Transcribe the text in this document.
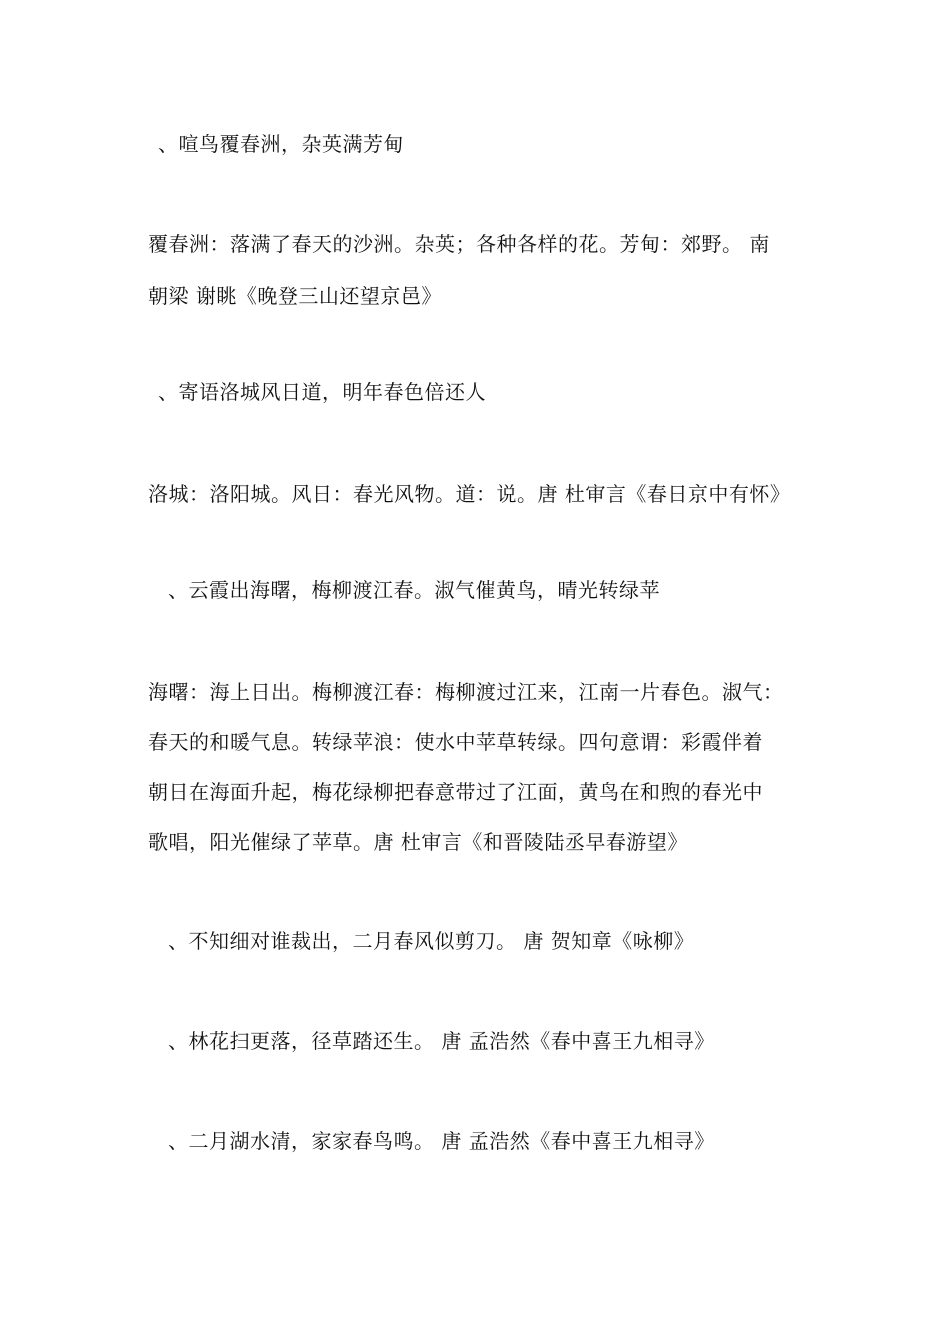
、喧鸟覆春洲，杂英满芳甸
覆春洲：落满了春天的沙洲。杂英；各种各样的花。芳甸：郊野。 南
朝梁 谢眺《晚登三山还望京邑》
、寄语洛城风日道，明年春色倍还人
洛城：洛阳城。风日：春光风物。道：说。唐 杜审言《春日京中有怀》
、云霞出海曙，梅柳渡江春。淑气催黄鸟，晴光转绿苹
海曙：海上日出。梅柳渡江春：梅柳渡过江来，江南一片春色。淑气：
春天的和暖气息。转绿苹浪：使水中苹草转绿。四句意谓：彩霞伴着
朝日在海面升起，梅花绿柳把春意带过了江面，黄鸟在和煦的春光中
歌唱，阳光催绿了苹草。唐 杜审言《和晋陵陆丞早春游望》
、不知细对谁裁出，二月春风似剪刀。 唐 贺知章《咏柳》
、林花扫更落，径草踏还生。 唐 孟浩然《春中喜王九相寻》
、二月湖水清，家家春鸟鸣。 唐 孟浩然《春中喜王九相寻》
